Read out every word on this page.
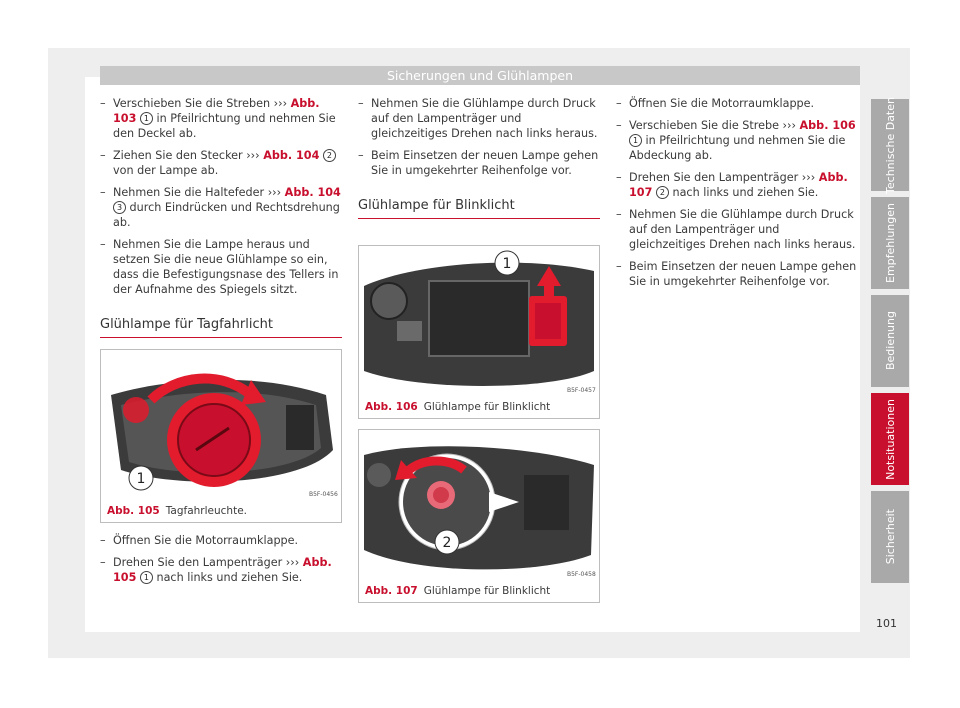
Sicherungen und Glühlampen
– Verschieben Sie die Streben ››› Abb. 103 1 in Pfeilrichtung und nehmen Sie den Deckel ab.
– Ziehen Sie den Stecker ››› Abb. 104 2 von der Lampe ab.
– Nehmen Sie die Haltefeder ››› Abb. 104 3 durch Eindrücken und Rechtsdrehung ab.
– Nehmen Sie die Lampe heraus und setzen Sie die neue Glühlampe so ein, dass die Befestigungsnase des Tellers in der Aufnahme des Spiegels sitzt.
Glühlampe für Tagfahrlicht
1
B5F-0456
Abb. 105 Tagfahrleuchte.
– Öffnen Sie die Motorraumklappe.
– Drehen Sie den Lampenträger ››› Abb. 105 1 nach links und ziehen Sie.
– Nehmen Sie die Glühlampe durch Druck auf den Lampenträger und gleichzeitiges Drehen nach links heraus.
– Beim Einsetzen der neuen Lampe gehen Sie in umgekehrter Reihenfolge vor.
Glühlampe für Blinklicht
1
B5F-0457
Abb. 106 Glühlampe für Blinklicht
2
B5F-0458
Abb. 107 Glühlampe für Blinklicht
– Öffnen Sie die Motorraumklappe.
– Verschieben Sie die Strebe ››› Abb. 106 1 in Pfeilrichtung und nehmen Sie die Abdeckung ab.
– Drehen Sie den Lampenträger ››› Abb. 107 2 nach links und ziehen Sie.
– Nehmen Sie die Glühlampe durch Druck auf den Lampenträger und gleichzeitiges Drehen nach links heraus.
– Beim Einsetzen der neuen Lampe gehen Sie in umgekehrter Reihenfolge vor.
Technische Daten
Empfehlungen
Bedienung
Notsituationen
Sicherheit
101
